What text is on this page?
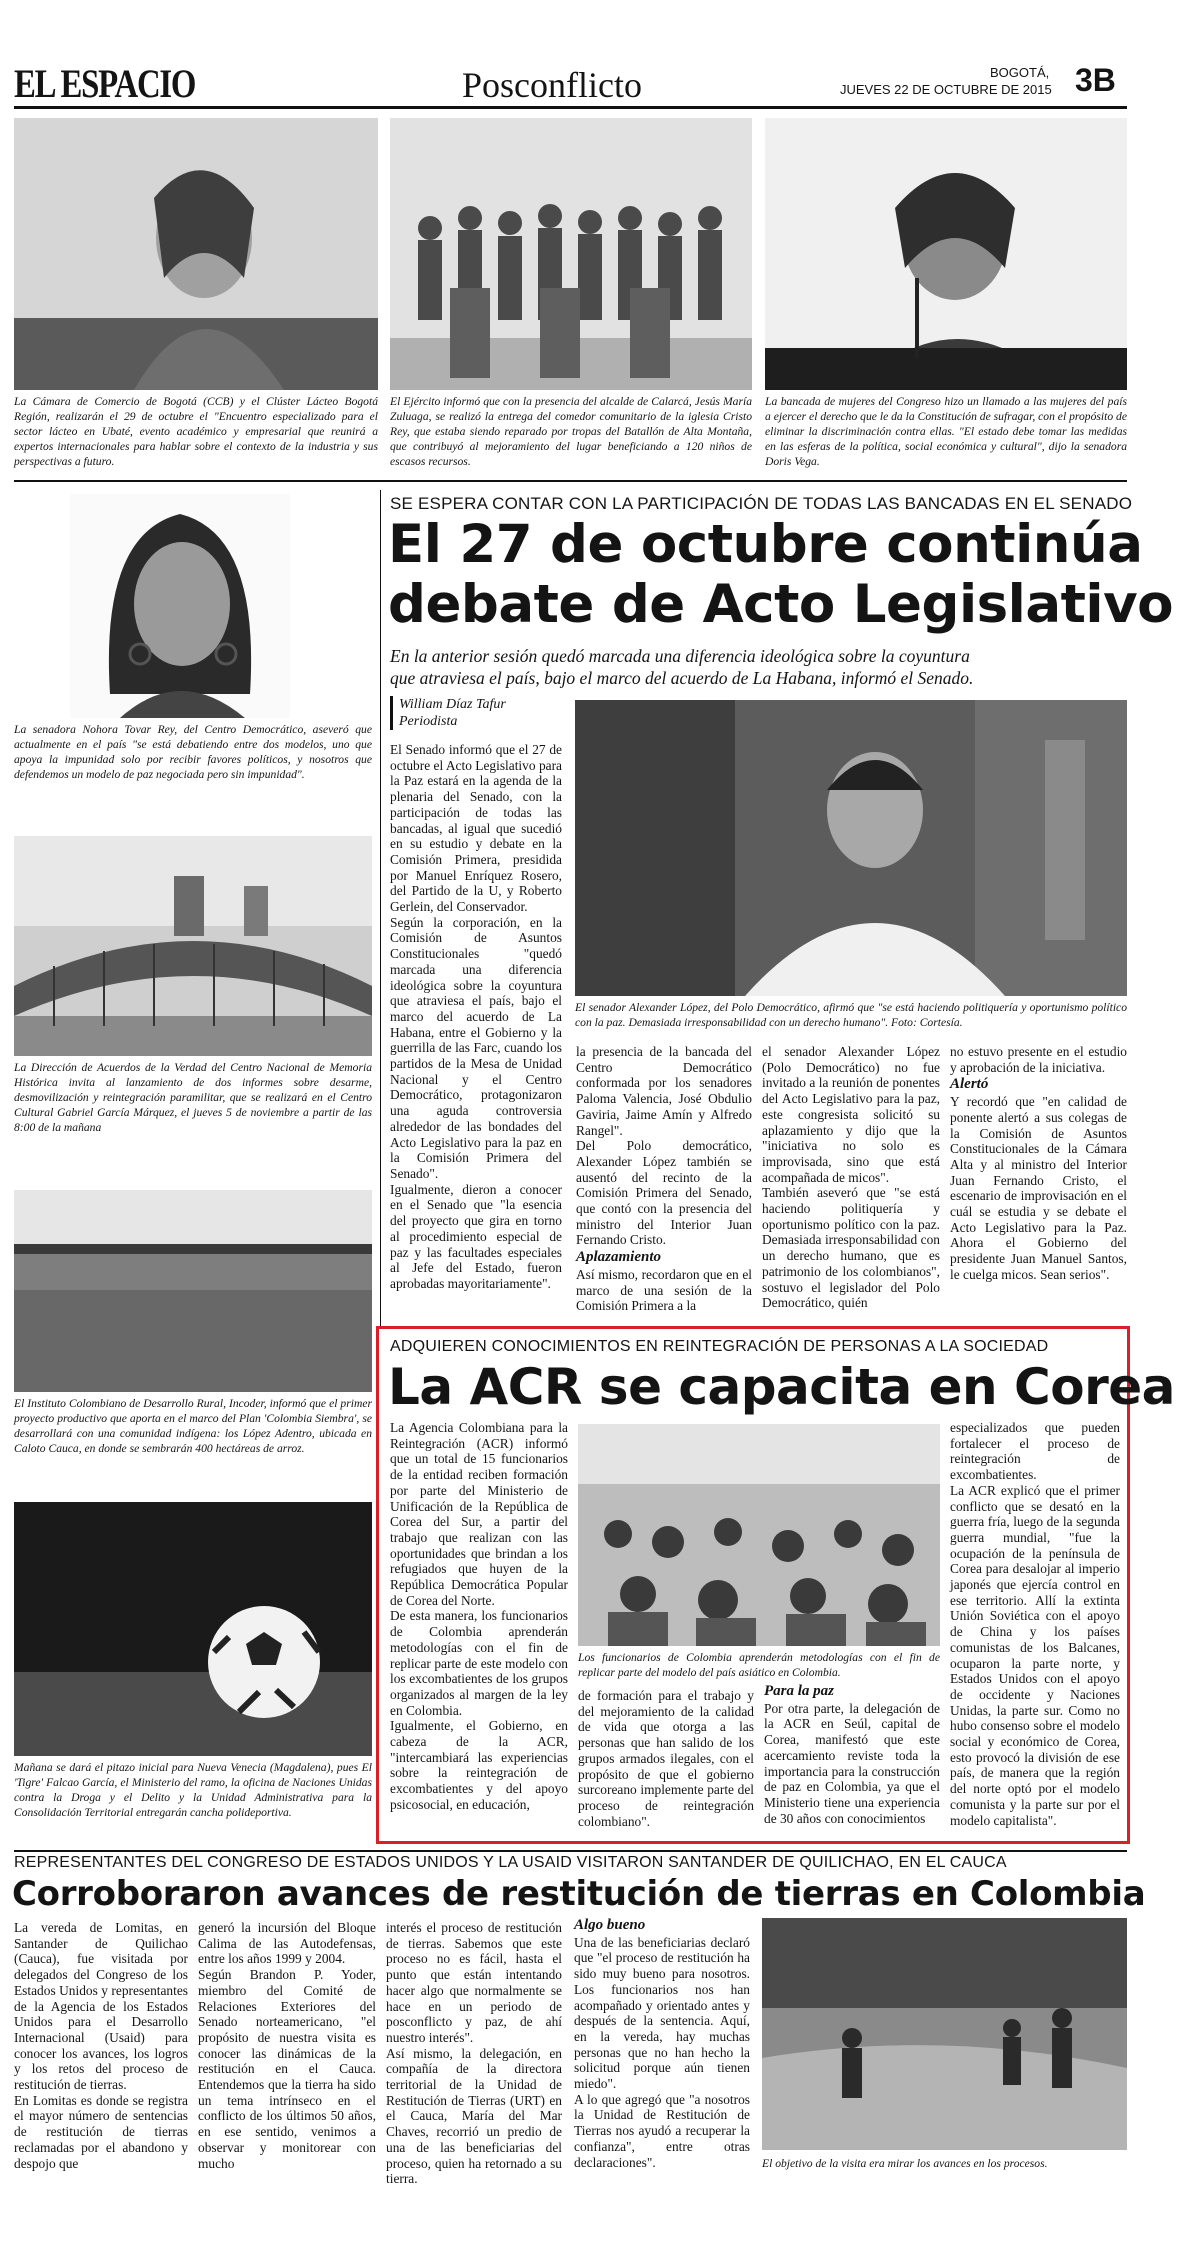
EL ESPACIO	Posconflicto	BOGOTÁ,
JUEVES 22 DE OCTUBRE DE 2015 3B
La Cámara de Comercio de Bogotá (CCB) y el Clúster Lácteo Bogotá Región, realizarán el 29 de octubre el "Encuentro especializado para el sector lácteo en Ubaté, evento académico y empresarial que reunirá a expertos internacionales para hablar sobre el contexto de la industria y sus perspectivas a futuro.
El Ejército informó que con la presencia del alcalde de Calarcá, Jesús María Zuluaga, se realizó la entrega del comedor comunitario de la iglesia Cristo Rey, que estaba siendo reparado por tropas del Batallón de Alta Montaña, que contribuyó al mejoramiento del lugar beneficiando a 120 niños de escasos recursos.
La bancada de mujeres del Congreso hizo un llamado a las mujeres del país a ejercer el derecho que le da la Constitución de sufragar, con el propósito de eliminar la discriminación contra ellas. "El estado debe tomar las medidas en las esferas de la política, social económica y cultural", dijo la senadora Doris Vega.
La senadora Nohora Tovar Rey, del Centro Democrático, aseveró que actualmente en el país "se está debatiendo entre dos modelos, uno que apoya la impunidad solo por recibir favores políticos, y nosotros que defendemos un modelo de paz negociada pero sin impunidad".
La Dirección de Acuerdos de la Verdad del Centro Nacional de Memoria Histórica invita al lanzamiento de dos informes sobre desarme, desmovilización y reintegración paramilitar, que se realizará en el Centro Cultural Gabriel García Márquez, el jueves 5 de noviembre a partir de las 8:00 de la mañana
El Instituto Colombiano de Desarrollo Rural, Incoder, informó que el primer proyecto productivo que aporta en el marco del Plan 'Colombia Siembra', se desarrollará con una comunidad indígena: los López Adentro, ubicada en Caloto Cauca, en donde se sembrarán 400 hectáreas de arroz.
Mañana se dará el pitazo inicial para Nueva Venecia (Magdalena), pues El 'Tigre' Falcao García, el Ministerio del ramo, la oficina de Naciones Unidas contra la Droga y el Delito y la Unidad Administrativa para la Consolidación Territorial entregarán cancha polideportiva.
SE ESPERA CONTAR CON LA PARTICIPACIÓN DE TODAS LAS BANCADAS EN EL SENADO
El 27 de octubre continúa
debate de Acto Legislativo
En la anterior sesión quedó marcada una diferencia ideológica sobre la coyuntura
que atraviesa el país, bajo el marco del acuerdo de La Habana, informó el Senado.
William Díaz Tafur
Periodista

El Senado informó que el 27 de octubre el Acto Legislativo para la Paz estará en la agenda de la plenaria del Senado, con la participación de todas las bancadas, al igual que sucedió en su estudio y debate en la Comisión Primera, presidida por Manuel Enríquez Rosero, del Partido de la U, y Roberto Gerlein, del Conservador.

Según la corporación, en la Comisión de Asuntos Constitucionales "quedó marcada una diferencia ideológica sobre la coyuntura que atraviesa el país, bajo el marco del acuerdo de La Habana, entre el Gobierno y la guerrilla de las Farc, cuando los partidos de la Mesa de Unidad Nacional y el Centro Democrático, protagonizaron una aguda controversia alrededor de las bondades del Acto Legislativo para la paz en la Comisión Primera del Senado".

Igualmente, dieron a conocer en el Senado que "la esencia del proyecto que gira en torno al procedimiento especial de paz y las facultades especiales al Jefe del Estado, fueron aprobadas mayoritariamente".

El senador Alexander López, del Polo Democrático, afirmó que "se está haciendo politiquería y oportunismo político con la paz. Demasiada irresponsabilidad con un derecho humano". Foto: Cortesía.

la presencia de la bancada del Centro Democrático conformada por los senadores Paloma Valencia, José Obdulio Gaviria, Jaime Amín y Alfredo Rangel".

Del Polo democrático, Alexander López también se ausentó del recinto de la Comisión Primera del Senado, que contó con la presencia del ministro del Interior Juan Fernando Cristo.

Aplazamiento

Así mismo, recordaron que en el marco de una sesión de la Comisión Primera a la

el senador Alexander López (Polo Democrático) no fue invitado a la reunión de ponentes del Acto Legislativo para la paz, este congresista solicitó su aplazamiento y dijo que la "iniciativa no solo es improvisada, sino que está acompañada de micos".

También aseveró que "se está haciendo politiquería y oportunismo político con la paz. Demasiada irresponsabilidad con un derecho humano, que es patrimonio de los colombianos", sostuvo el legislador del Polo Democrático, quién

no estuvo presente en el estudio y aprobación de la iniciativa.

Alertó

Y recordó que "en calidad de ponente alertó a sus colegas de la Comisión de Asuntos Constitucionales de la Cámara Alta y al ministro del Interior Juan Fernando Cristo, el escenario de improvisación en el cuál se estudia y se debate el Acto Legislativo para la Paz. Ahora el Gobierno del presidente Juan Manuel Santos, le cuelga micos. Sean serios".

ADQUIEREN CONOCIMIENTOS EN REINTEGRACIÓN DE PERSONAS A LA SOCIEDAD
La ACR se capacita en Corea

La Agencia Colombiana para la Reintegración (ACR) informó que un total de 15 funcionarios de la entidad reciben formación por parte del Ministerio de Unificación de la República de Corea del Sur, a partir del trabajo que realizan con las oportunidades que brindan a los refugiados que huyen de la República Democrática Popular de Corea del Norte.

De esta manera, los funcionarios de Colombia aprenderán metodologías con el fin de replicar parte de este modelo con los excombatientes de los grupos organizados al margen de la ley en Colombia.

Igualmente, el Gobierno, en cabeza de la ACR, "intercambiará las experiencias sobre la reintegración de excombatientes y del apoyo psicosocial, en educación,

Los funcionarios de Colombia aprenderán metodologías con el fin de replicar parte del modelo del país asiático en Colombia.

de formación para el trabajo y del mejoramiento de la calidad de vida que otorga a las personas que han salido de los grupos armados ilegales, con el propósito de que el gobierno surcoreano implemente parte del proceso de reintegración colombiano".

Para la paz

Por otra parte, la delegación de la ACR en Seúl, capital de Corea, manifestó que este acercamiento reviste toda la importancia para la construcción de paz en Colombia, ya que el Ministerio tiene una experiencia de 30 años con conocimientos

especializados que pueden fortalecer el proceso de reintegración de excombatientes.

La ACR explicó que el primer conflicto que se desató en la guerra fría, luego de la segunda guerra mundial, "fue la ocupación de la península de Corea para desalojar al imperio japonés que ejercía control en ese territorio. Allí la extinta Unión Soviética con el apoyo de China y los países comunistas de los Balcanes, ocuparon la parte norte, y Estados Unidos con el apoyo de occidente y Naciones Unidas, la parte sur. Como no hubo consenso sobre el modelo social y económico de Corea, esto provocó la división de ese país, de manera que la región del norte optó por el modelo comunista y la parte sur por el modelo capitalista".

REPRESENTANTES DEL CONGRESO DE ESTADOS UNIDOS Y LA USAID VISITARON SANTANDER DE QUILICHAO, EN EL CAUCA
Corroboraron avances de restitución de tierras en Colombia

La vereda de Lomitas, en Santander de Quilichao (Cauca), fue visitada por delegados del Congreso de los Estados Unidos y representantes de la Agencia de los Estados Unidos para el Desarrollo Internacional (Usaid) para conocer los avances, los logros y los retos del proceso de restitución de tierras.

En Lomitas es donde se registra el mayor número de sentencias de restitución de tierras reclamadas por el abandono y despojo que

generó la incursión del Bloque Calima de las Autodefensas, entre los años 1999 y 2004.

Según Brandon P. Yoder, miembro del Comité de Relaciones Exteriores del Senado norteamericano, "el propósito de nuestra visita es conocer las dinámicas de la restitución en el Cauca. Entendemos que la tierra ha sido un tema intrínseco en el conflicto de los últimos 50 años, en ese sentido, venimos a observar y monitorear con mucho

interés el proceso de restitución de tierras. Sabemos que este proceso no es fácil, hasta el punto que están intentando hacer algo que normalmente se hace en un periodo de posconflicto y paz, de ahí nuestro interés".

Así mismo, la delegación, en compañía de la directora territorial de la Unidad de Restitución de Tierras (URT) en el Cauca, María del Mar Chaves, recorrió un predio de una de las beneficiarias del proceso, quien ha retornado a su tierra.

Algo bueno

Una de las beneficiarias declaró que "el proceso de restitución ha sido muy bueno para nosotros. Los funcionarios nos han acompañado y orientado antes y después de la sentencia. Aquí, en la vereda, hay muchas personas que no han hecho la solicitud porque aún tienen miedo".

A lo que agregó que "a nosotros la Unidad de Restitución de Tierras nos ayudó a recuperar la confianza", entre otras declaraciones".	El objetivo de la visita era mirar los avances en los procesos.
